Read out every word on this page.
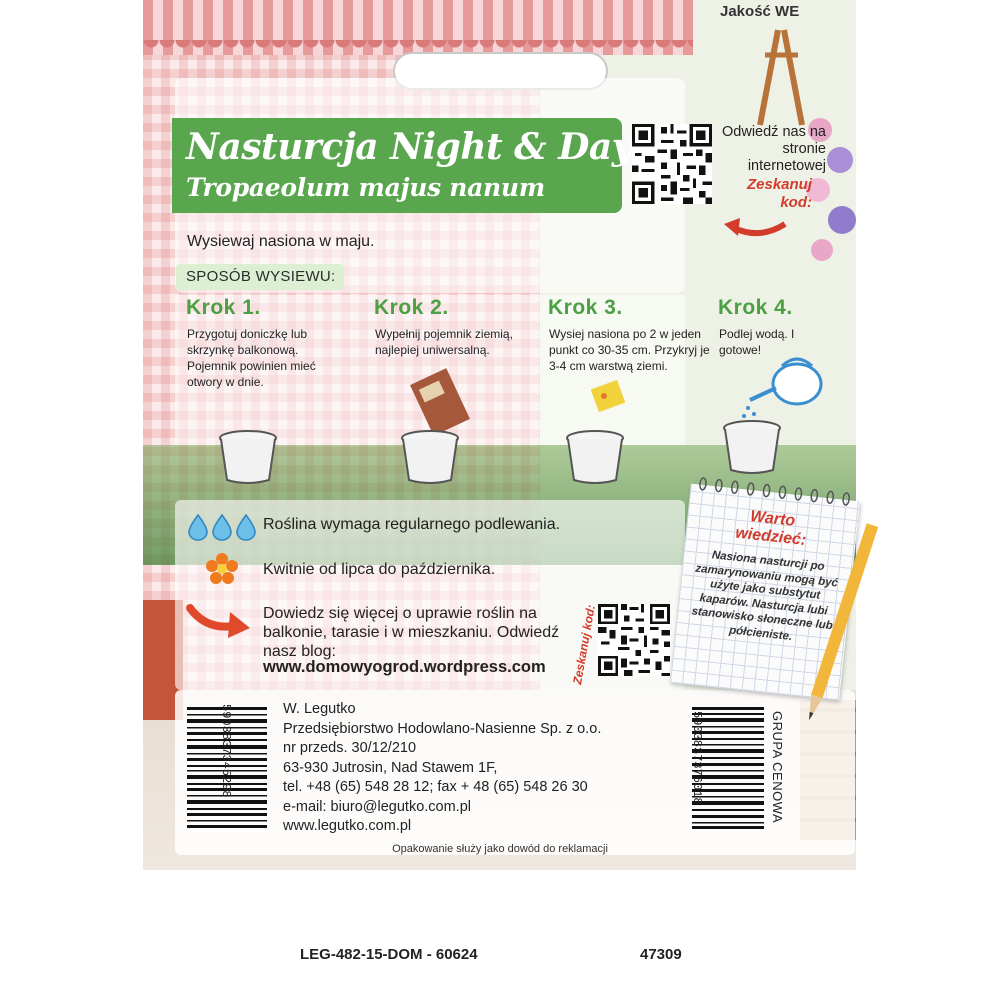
Jakość WE
Nasturcja Night & Day
Tropaeolum majus nanum
Odwiedź nas na stronie internetowej
Zeskanuj kod:
Wysiewaj nasiona w maju.
SPOSÓB WYSIEWU:
Krok 1.
Przygotuj doniczkę lub skrzynkę balkonową. Pojemnik powinien mieć otwory w dnie.
Krok 2.
Wypełnij pojemnik ziemią, najlepiej uniwersalną.
Krok 3.
Wysiej nasiona po 2 w jeden punkt co 30-35 cm. Przykryj je 3-4 cm warstwą ziemi.
Krok 4.
Podlej wodą. I gotowe!
Roślina wymaga regularnego podlewania.
Kwitnie od lipca do października.
Dowiedz się więcej o uprawie roślin na balkonie, tarasie i w mieszkaniu. Odwiedź nasz blog:
www.domowyogrod.wordpress.com Zeskanuj kod:
Warto wiedzieć:
Nasiona nasturcji po zamarynowaniu mogą być użyte jako substytut kaparów. Nasturcja lubi stanowisko słoneczne lub półcieniste.
5903837345298	5903837376018	GRUPA CENOWA
W. Legutko
Przedsiębiorstwo Hodowlano-Nasienne Sp. z o.o.
nr przeds. 30/12/210
63-930 Jutrosin, Nad Stawem 1F,
tel. +48 (65) 548 28 12; fax + 48 (65) 548 26 30
e-mail: biuro@legutko.com.pl
www.legutko.com.pl
Opakowanie służy jako dowód do reklamacji
LEG-482-15-DOM - 60624	47309
